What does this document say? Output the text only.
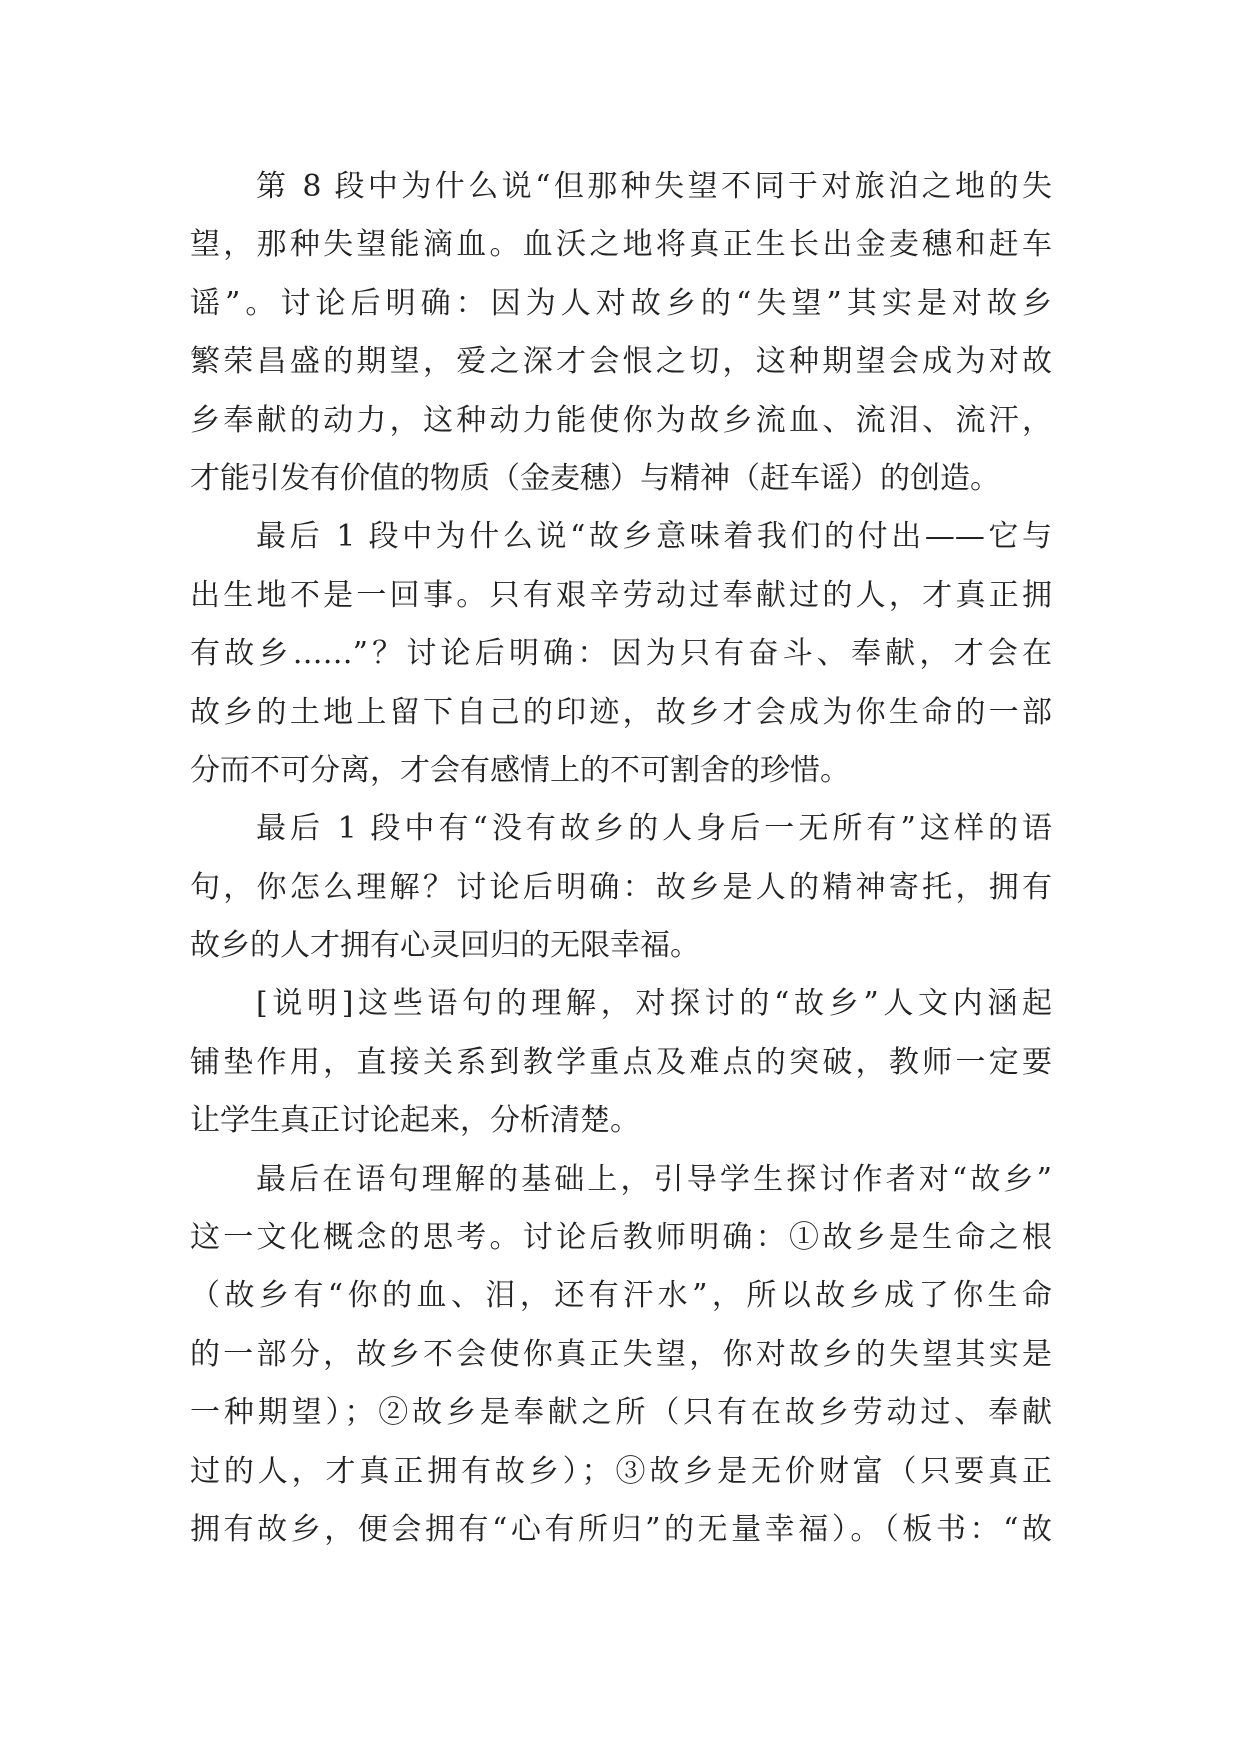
第 8 段中为什么说“但那种失望不同于对旅泊之地的失
望，那种失望能滴血。血沃之地将真正生长出金麦穗和赶车
谣”。讨论后明确：因为人对故乡的“失望”其实是对故乡
繁荣昌盛的期望，爱之深才会恨之切，这种期望会成为对故
乡奉献的动力，这种动力能使你为故乡流血、流泪、流汗，
才能引发有价值的物质（金麦穗）与精神（赶车谣）的创造。
最后 1 段中为什么说“故乡意味着我们的付出——它与
出生地不是一回事。只有艰辛劳动过奉献过的人，才真正拥
有故乡……”？讨论后明确：因为只有奋斗、奉献，才会在
故乡的土地上留下自己的印迹，故乡才会成为你生命的一部
分而不可分离，才会有感情上的不可割舍的珍惜。
最后 1 段中有“没有故乡的人身后一无所有”这样的语
句，你怎么理解？讨论后明确：故乡是人的精神寄托，拥有
故乡的人才拥有心灵回归的无限幸福。
[说明]这些语句的理解，对探讨的“故乡”人文内涵起
铺垫作用，直接关系到教学重点及难点的突破，教师一定要
让学生真正讨论起来，分析清楚。
最后在语句理解的基础上，引导学生探讨作者对“故乡”
这一文化概念的思考。讨论后教师明确：①故乡是生命之根
（故乡有“你的血、泪，还有汗水”，所以故乡成了你生命
的一部分，故乡不会使你真正失望，你对故乡的失望其实是
一种期望）；②故乡是奉献之所（只有在故乡劳动过、奉献
过的人，才真正拥有故乡）；③故乡是无价财富（只要真正
拥有故乡，便会拥有“心有所归”的无量幸福）。（板书：“故
